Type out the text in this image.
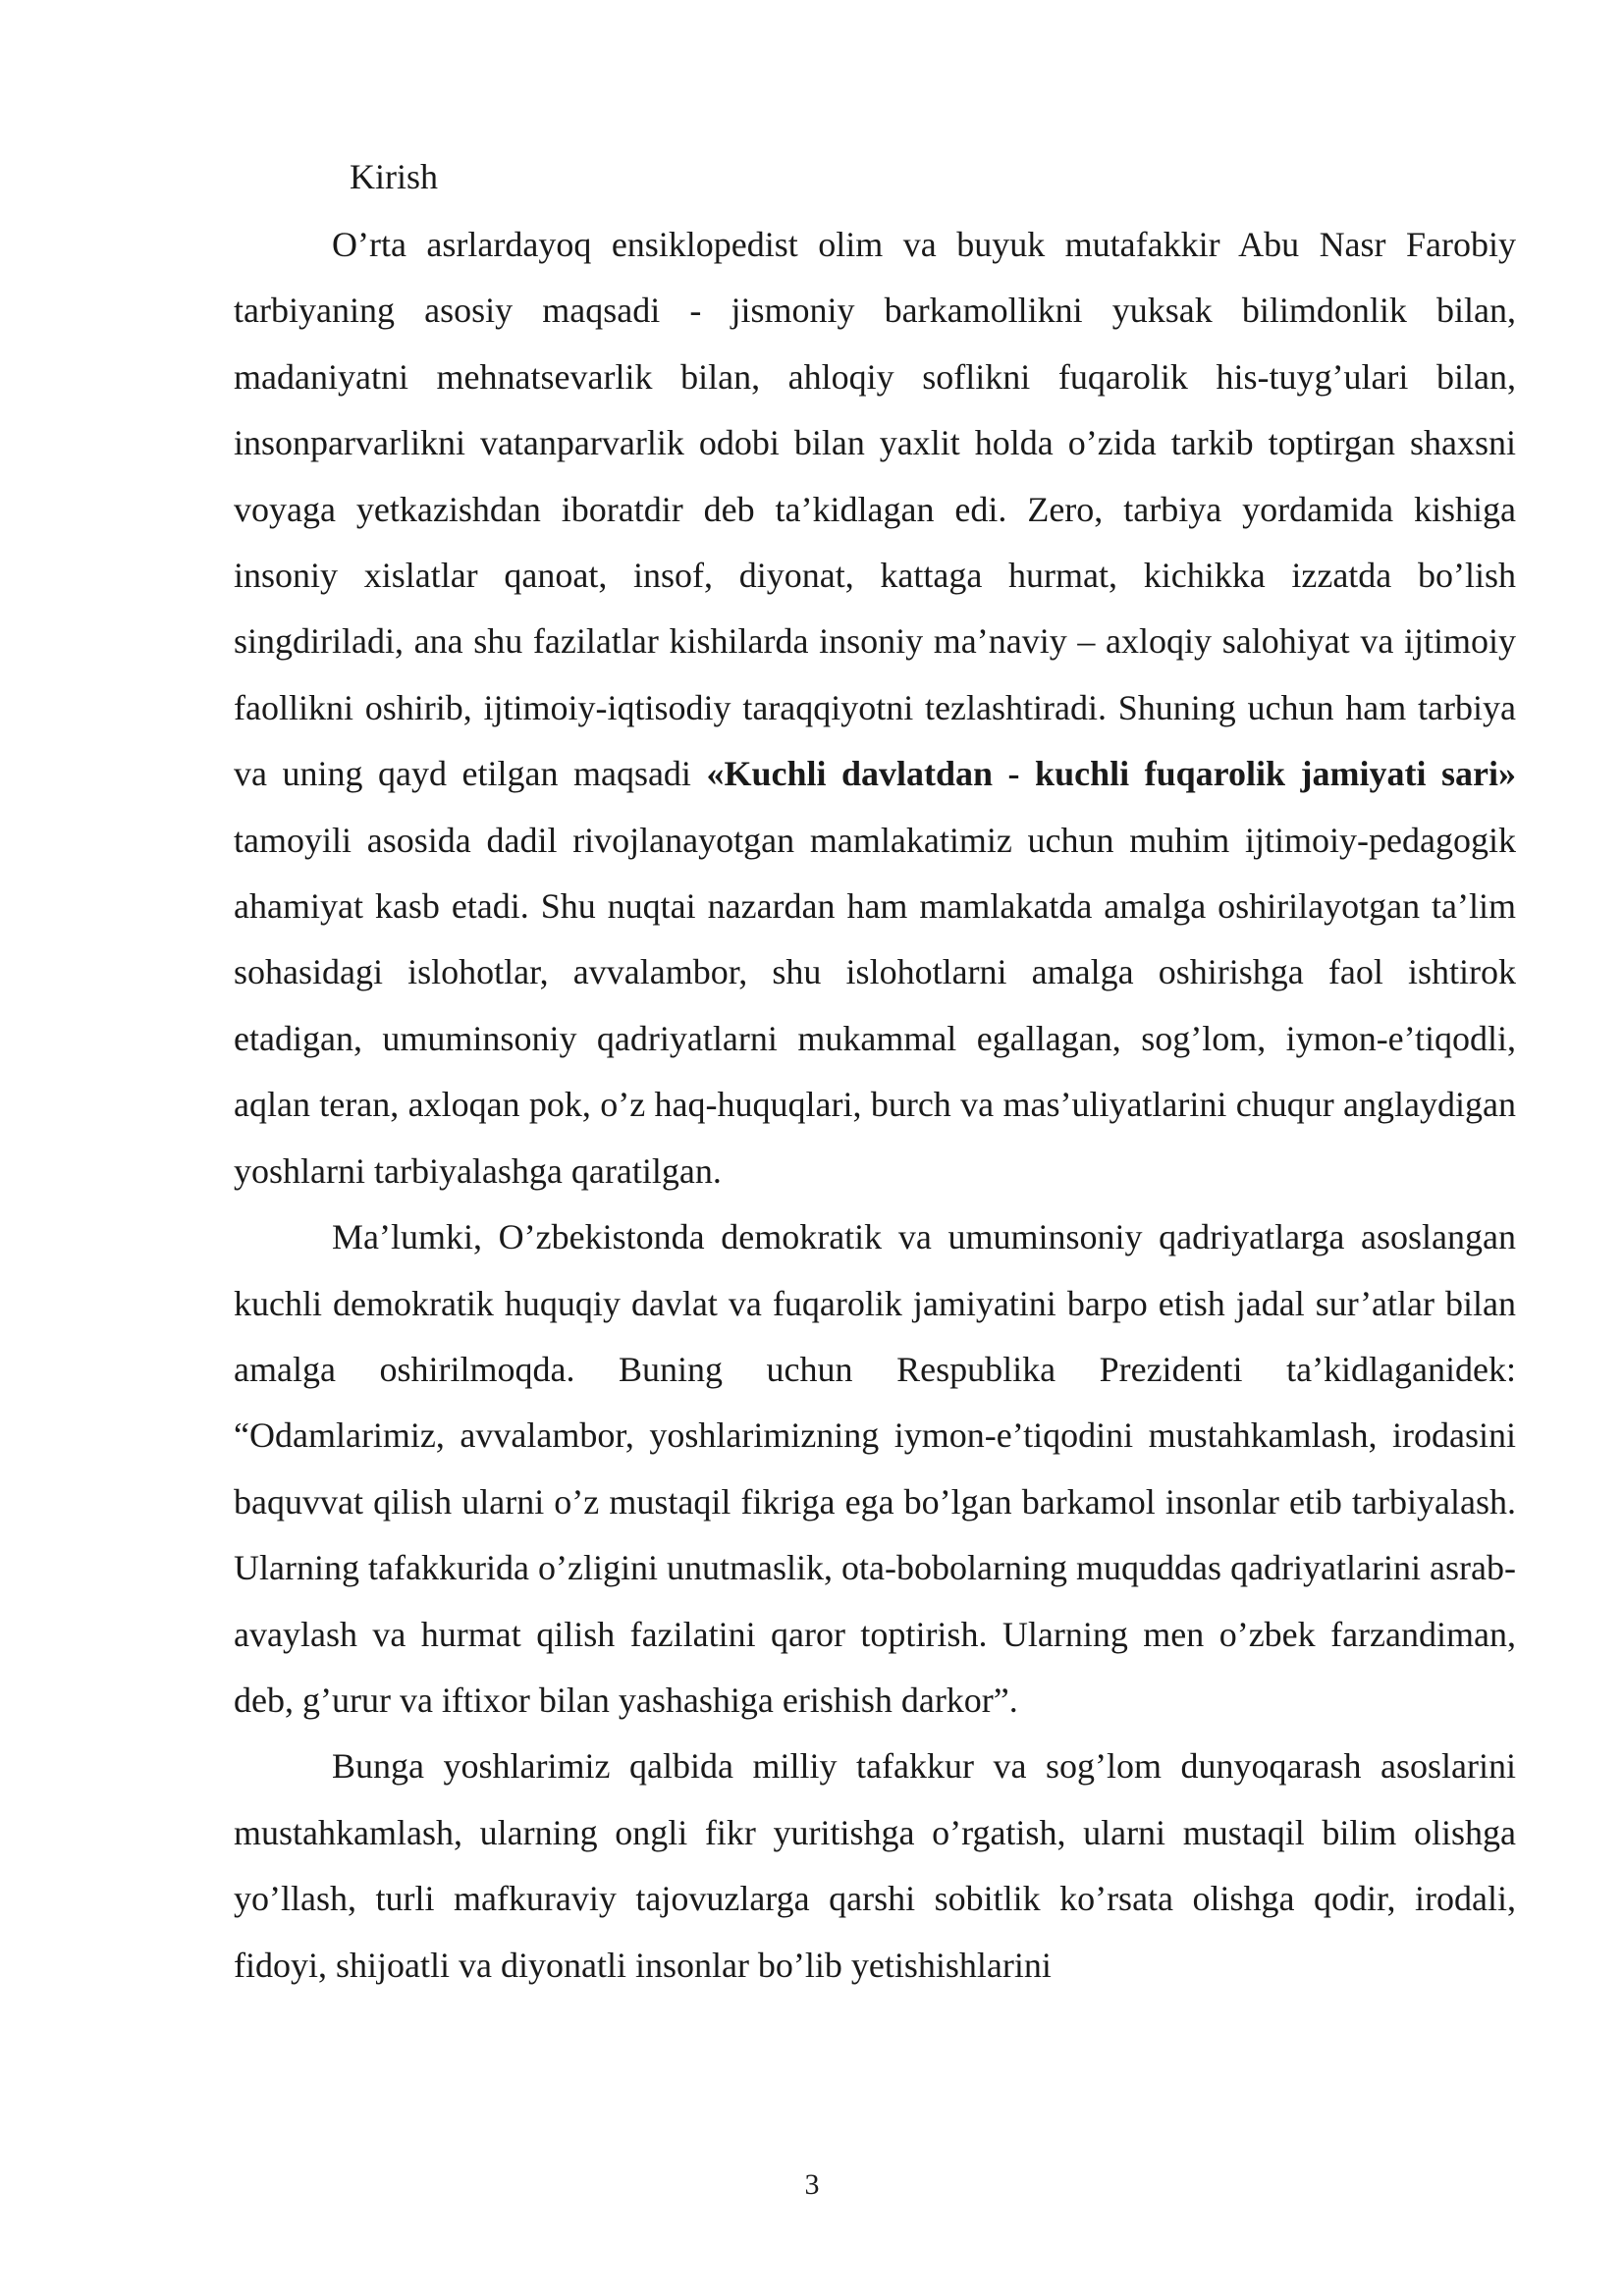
Kirish

O’rta asrlardayoq ensiklopedist olim va buyuk mutafakkir Abu Nasr Farobiy tarbiyaning asosiy maqsadi - jismoniy barkamollikni yuksak bilimdonlik bilan, madaniyatni mehnatsevarlik bilan, ahloqiy soflikni fuqarolik his-tuyg’ulari bilan, insonparvarlikni vatanparvarlik odobi bilan yaxlit holda o’zida tarkib toptirgan shaxsni voyaga yetkazishdan iboratdir deb ta’kidlagan edi. Zero, tarbiya yordamida kishiga insoniy xislatlar qanoat, insof, diyonat, kattaga hurmat, kichikka izzatda bo’lish singdiriladi, ana shu fazilatlar kishilarda insoniy ma’naviy – axloqiy salohiyat va ijtimoiy faollikni oshirib, ijtimoiy-iqtisodiy taraqqiyotni tezlashtiradi. Shuning uchun ham tarbiya va uning qayd etilgan maqsadi «Kuchli davlatdan - kuchli fuqarolik jamiyati sari» tamoyili asosida dadil rivojlanayotgan mamlakatimiz uchun muhim ijtimoiy-pedagogik ahamiyat kasb etadi. Shu nuqtai nazardan ham mamlakatda amalga oshirilayotgan ta’lim sohasidagi islohotlar, avvalambor, shu islohotlarni amalga oshirishga faol ishtirok etadigan, umuminsoniy qadriyatlarni mukammal egallagan, sog’lom, iymon-e’tiqodli, aqlan teran, axloqan pok, o’z haq-huquqlari, burch va mas’uliyatlarini chuqur anglaydigan yoshlarni tarbiyalashga qaratilgan.

Ma’lumki, O’zbekistonda demokratik va umuminsoniy qadriyatlarga asoslangan kuchli demokratik huquqiy davlat va fuqarolik jamiyatini barpo etish jadal sur’atlar bilan amalga oshirilmoqda. Buning uchun Respublika Prezidenti ta’kidlaganidek: “Odamlarimiz, avvalambor, yoshlarimizning iymon-e’tiqodini mustahkamlash, irodasini baquvvat qilish ularni o’z mustaqil fikriga ega bo’lgan barkamol insonlar etib tarbiyalash. Ularning tafakkurida o’zligini unutmaslik, ota-bobolarning muquddas qadriyatlarini asrab-avaylash va hurmat qilish fazilatini qaror toptirish. Ularning men o’zbek farzandiman, deb, g’urur va iftixor bilan yashashiga erishish darkor”.

Bunga yoshlarimiz qalbida milliy tafakkur va sog’lom dunyoqarash asoslarini mustahkamlash, ularning ongli fikr yuritishga o’rgatish, ularni mustaqil bilim olishga yo’llash, turli mafkuraviy tajovuzlarga qarshi sobitlik ko’rsata olishga qodir, irodali, fidoyi, shijoatli va diyonatli insonlar bo’lib yetishishlarini

3
